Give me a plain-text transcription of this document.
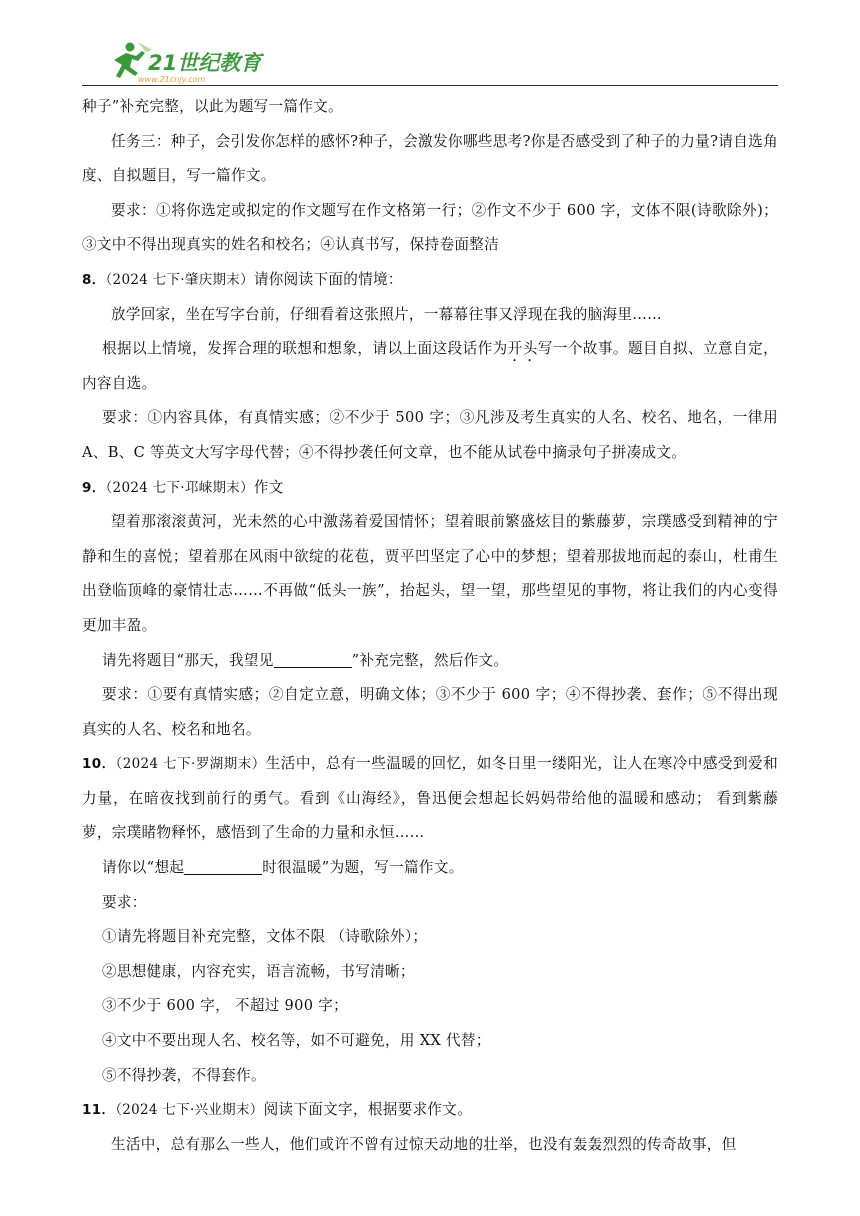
21世纪教育
www.21cnjy.com

种子”补充完整，以此为题写一篇作文。

任务三：种子，会引发你怎样的感怀?种子，会激发你哪些思考?你是否感受到了种子的力量?请自选角度、自拟题目，写一篇作文。

要求：①将你选定或拟定的作文题写在作文格第一行；②作文不少于 600 字，文体不限(诗歌除外)；③文中不得出现真实的姓名和校名；④认真书写，保持卷面整洁

8．（2024 七下·肇庆期末）请你阅读下面的情境：

放学回家，坐在写字台前，仔细看着这张照片，一幕幕往事又浮现在我的脑海里……

根据以上情境，发挥合理的联想和想象，请以上面这段话作为开头写一个故事。题目自拟、立意自定，内容自选。

要求：①内容具体，有真情实感；②不少于 500 字；③凡涉及考生真实的人名、校名、地名，一律用 A、B、C 等英文大写字母代替；④不得抄袭任何文章，也不能从试卷中摘录句子拼凑成文。

9．（2024 七下·邛崃期末）作文

望着那滚滚黄河，光未然的心中激荡着爱国情怀；望着眼前繁盛炫目的紫藤萝，宗璞感受到精神的宁静和生的喜悦；望着那在风雨中欲绽的花苞，贾平凹坚定了心中的梦想；望着那拔地而起的泰山，杜甫生出登临顶峰的豪情壮志……不再做“低头一族”，抬起头，望一望，那些望见的事物，将让我们的内心变得更加丰盈。

请先将题目“那天，我望见	”补充完整，然后作文。

要求：①要有真情实感；②自定立意，明确文体；③不少于 600 字；④不得抄袭、套作；⑤不得出现真实的人名、校名和地名。

10．（2024 七下·罗湖期末）生活中，总有一些温暖的回忆，如冬日里一缕阳光，让人在寒冷中感受到爱和力量，在暗夜找到前行的勇气。看到《山海经》，鲁迅便会想起长妈妈带给他的温暖和感动； 看到紫藤萝，宗璞睹物释怀，感悟到了生命的力量和永恒……

请你以“想起	时很温暖”为题，写一篇作文。

要求：

①请先将题目补充完整，文体不限 （诗歌除外）；

②思想健康，内容充实，语言流畅，书写清晰；

③不少于 600 字， 不超过 900 字；

④文中不要出现人名、校名等，如不可避免，用 XX 代替；

⑤不得抄袭，不得套作。

11．（2024 七下·兴业期末）阅读下面文字，根据要求作文。

生活中，总有那么一些人，他们或许不曾有过惊天动地的壮举，也没有轰轰烈烈的传奇故事，但
